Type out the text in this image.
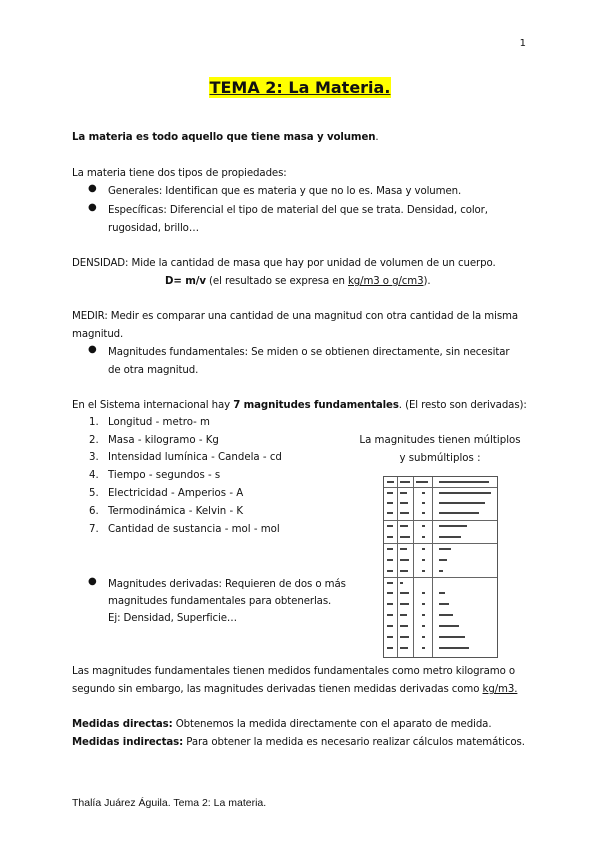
1
TEMA 2: La Materia.
La materia es todo aquello que tiene masa y volumen.
La materia tiene dos tipos de propiedades:
● Generales: Identifican que es materia y que no lo es. Masa y volumen.
● Específicas: Diferencial el tipo de material del que se trata. Densidad, color,
rugosidad, brillo…
DENSIDAD: Mide la cantidad de masa que hay por unidad de volumen de un cuerpo.
D= m/v (el resultado se expresa en kg/m3 o g/cm3).
MEDIR: Medir es comparar una cantidad de una magnitud con otra cantidad de la misma
magnitud.
● Magnitudes fundamentales: Se miden o se obtienen directamente, sin necesitar
de otra magnitud.
En el Sistema internacional hay 7 magnitudes fundamentales. (El resto son derivadas):
1. Longitud - metro- m
2. Masa - kilogramo - Kg
3. Intensidad lumínica - Candela - cd
4. Tiempo - segundos - s
5. Electricidad - Amperios - A
6. Termodinámica - Kelvin - K
7. Cantidad de sustancia - mol - mol
La magnitudes tienen múltiplos
y submúltiplos :
● Magnitudes derivadas: Requieren de dos o más
magnitudes fundamentales para obtenerlas.
Ej: Densidad, Superficie…
Las magnitudes fundamentales tienen medidos fundamentales como metro kilogramo o
segundo sin embargo, las magnitudes derivadas tienen medidas derivadas como kg/m3.
Medidas directas: Obtenemos la medida directamente con el aparato de medida.
Medidas indirectas: Para obtener la medida es necesario realizar cálculos matemáticos.
Thalía Juárez Águila. Tema 2: La materia.
